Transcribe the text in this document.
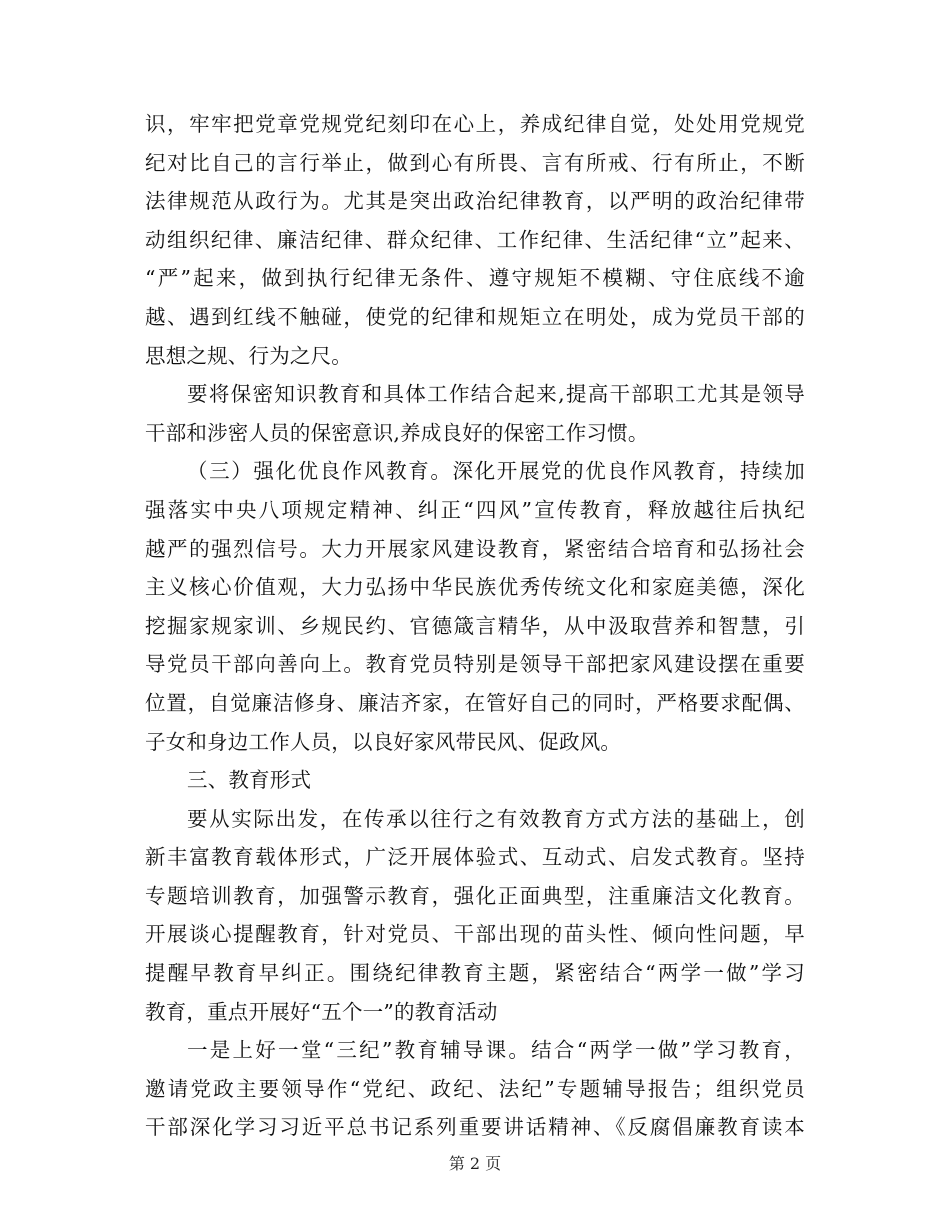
识，牢牢把党章党规党纪刻印在心上，养成纪律自觉，处处用党规党
纪对比自己的言行举止，做到心有所畏、言有所戒、行有所止，不断
法律规范从政行为。尤其是突出政治纪律教育，以严明的政治纪律带
动组织纪律、廉洁纪律、群众纪律、工作纪律、生活纪律“立”起来、
“严”起来，做到执行纪律无条件、遵守规矩不模糊、守住底线不逾
越、遇到红线不触碰，使党的纪律和规矩立在明处，成为党员干部的
思想之规、行为之尺。
要将保密知识教育和具体工作结合起来,提高干部职工尤其是领导
干部和涉密人员的保密意识,养成良好的保密工作习惯。
（三）强化优良作风教育。深化开展党的优良作风教育，持续加
强落实中央八项规定精神、纠正“四风”宣传教育，释放越往后执纪
越严的强烈信号。大力开展家风建设教育，紧密结合培育和弘扬社会
主义核心价值观，大力弘扬中华民族优秀传统文化和家庭美德，深化
挖掘家规家训、乡规民约、官德箴言精华，从中汲取营养和智慧，引
导党员干部向善向上。教育党员特别是领导干部把家风建设摆在重要
位置，自觉廉洁修身、廉洁齐家，在管好自己的同时，严格要求配偶、
子女和身边工作人员，以良好家风带民风、促政风。
三、教育形式
要从实际出发，在传承以往行之有效教育方式方法的基础上，创
新丰富教育载体形式，广泛开展体验式、互动式、启发式教育。坚持
专题培训教育，加强警示教育，强化正面典型，注重廉洁文化教育。
开展谈心提醒教育，针对党员、干部出现的苗头性、倾向性问题，早
提醒早教育早纠正。围绕纪律教育主题，紧密结合“两学一做”学习
教育，重点开展好“五个一”的教育活动
一是上好一堂“三纪”教育辅导课。结合“两学一做”学习教育，
邀请党政主要领导作“党纪、政纪、法纪”专题辅导报告；组织党员
干部深化学习习近平总书记系列重要讲话精神、《反腐倡廉教育读本
第 2 页
